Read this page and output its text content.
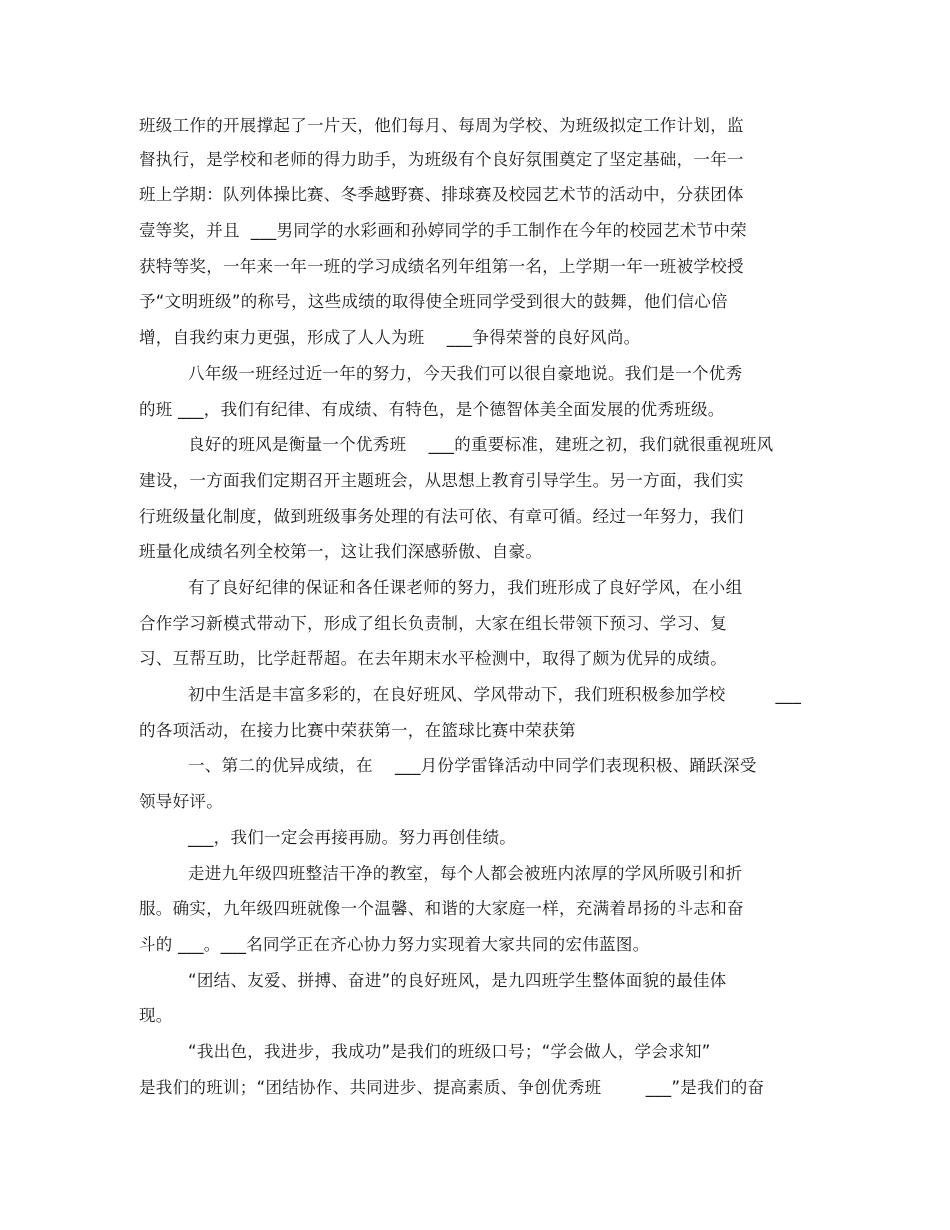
班级工作的开展撑起了一片天，他们每月、每周为学校、为班级拟定工作计划，监
督执行，是学校和老师的得力助手，为班级有个良好氛围奠定了坚定基础，一年一
班上学期：队列体操比赛、冬季越野赛、排球赛及校园艺术节的活动中，分获团体
壹等奖，并且  ___男同学的水彩画和孙婷同学的手工制作在今年的校园艺术节中荣
获特等奖，一年来一年一班的学习成绩名列年组第一名，上学期一年一班被学校授
予“文明班级”的称号，这些成绩的取得使全班同学受到很大的鼓舞，他们信心倍
增，自我约束力更强，形成了人人为班    ___争得荣誉的良好风尚。
八年级一班经过近一年的努力，今天我们可以很自豪地说。我们是一个优秀
的班 ___，我们有纪律、有成绩、有特色，是个德智体美全面发展的优秀班级。
良好的班风是衡量一个优秀班    ___的重要标准，建班之初，我们就很重视班风
建设，一方面我们定期召开主题班会，从思想上教育引导学生。另一方面，我们实
行班级量化制度，做到班级事务处理的有法可依、有章可循。经过一年努力，我们
班量化成绩名列全校第一，这让我们深感骄傲、自豪。
有了良好纪律的保证和各任课老师的努力，我们班形成了良好学风，在小组
合作学习新模式带动下，形成了组长负责制，大家在组长带领下预习、学习、复
习、互帮互助，比学赶帮超。在去年期末水平检测中，取得了颇为优异的成绩。
初中生活是丰富多彩的，在良好班风、学风带动下，我们班积极参加学校         ___
的各项活动，在接力比赛中荣获第一，在篮球比赛中荣获第
一、第二的优异成绩，在    ___月份学雷锋活动中同学们表现积极、踊跃深受
领导好评。
___，我们一定会再接再励。努力再创佳绩。
走进九年级四班整洁干净的教室，每个人都会被班内浓厚的学风所吸引和折
服。确实，九年级四班就像一个温馨、和谐的大家庭一样，充满着昂扬的斗志和奋
斗的 ___。___名同学正在齐心协力努力实现着大家共同的宏伟蓝图。
“团结、友爱、拼搏、奋进”的良好班风，是九四班学生整体面貌的最佳体
现。
“我出色，我进步，我成功”是我们的班级口号；“学会做人，学会求知”
是我们的班训；“团结协作、共同进步、提高素质、争创优秀班        ___”是我们的奋
